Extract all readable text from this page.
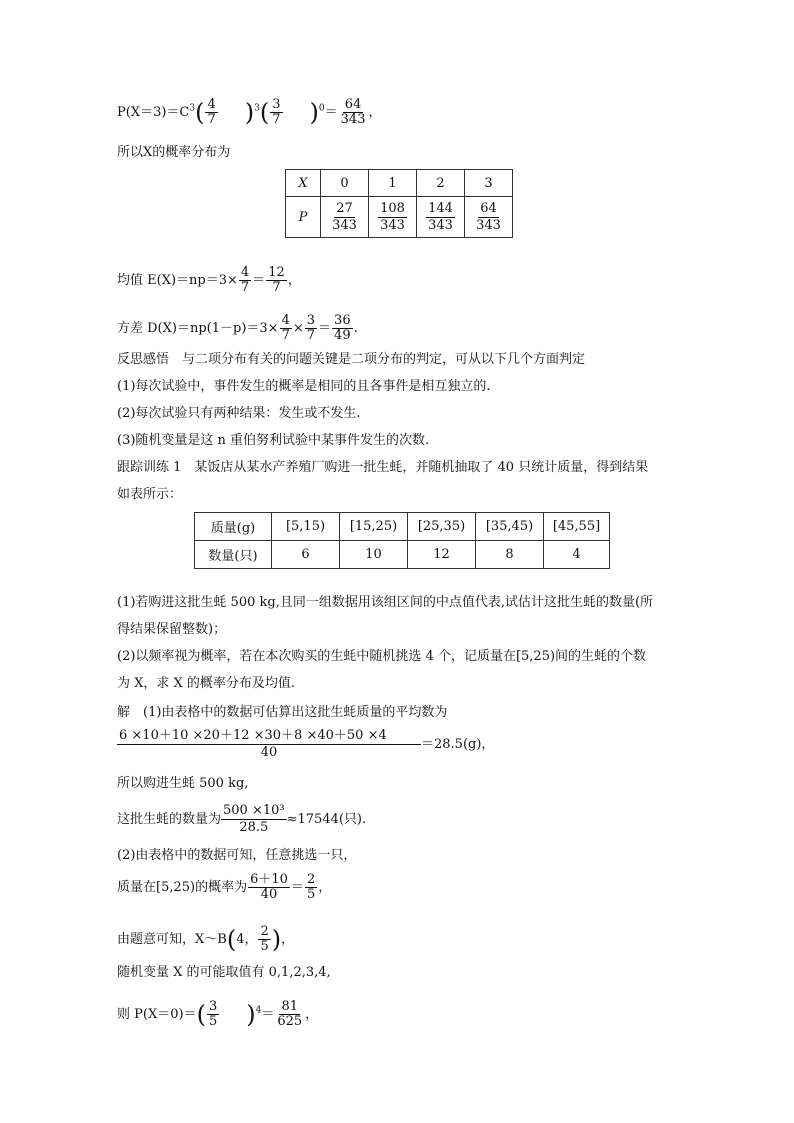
$P(X=3)=C^3( \frac{4}{7} )^3( \frac{3}{7} )^0= \frac{64}{343}$ ，
所以X的概率分布为
X	0	1	2	3
P	$\frac{27}{343}$	$\frac{108}{343}$	$\frac{144}{343}$	$\frac{64}{343}$
均值 $E(X)=np=3\times \frac{4}{7} = \frac{12}{7}$ ，
方差 $D(X)=np(1-p)=3\times \frac{4}{7} \times \frac{3}{7} = \frac{36}{49}$ .
反思感悟　与二项分布有关的问题关键是二项分布的判定，可从以下几个方面判定
(1)每次试验中，事件发生的概率是相同的且各事件是相互独立的.
(2)每次试验只有两种结果：发生或不发生.
(3)随机变量是这 n 重伯努利试验中某事件发生的次数.
跟踪训练 1　某饭店从某水产养殖厂购进一批生蚝，并随机抽取了 40 只统计质量，得到结果
如表所示：
质量(g)	[5,15)	[15,25)	[25,35)	[35,45)	[45,55]
数量(只)	6	10	12	8	4
(1)若购进这批生蚝 500 kg,且同一组数据用该组区间的中点值代表,试估计这批生蚝的数量(所
得结果保留整数)；
(2)以频率视为概率，若在本次购买的生蚝中随机挑选 4 个，记质量在[5,25)间的生蚝的个数
为 X，求 X 的概率分布及均值.
解　(1)由表格中的数据可估算出这批生蚝质量的平均数为
$\frac{6 \times 10+10 \times 20+12 \times 30+8 \times 40+50 \times 4}{40} =28.5(g)$，
所以购进生蚝 500 kg,
这批生蚝的数量为 $\frac{\text{500 ×10³}}{28.5} \approx 17544$(只).
(2)由表格中的数据可知，任意挑选一只，
质量在[5,25)的概率为 $\frac{6+10}{40} = \frac{2}{5}$ ，
由题意可知，X～B(4， $\frac{2}{5}$ )，
随机变量 X 的可能取值有 0,1,2,3,4,
则 $P(X=0)=( \frac{3}{5} )^4= \frac{81}{625}$ ，
